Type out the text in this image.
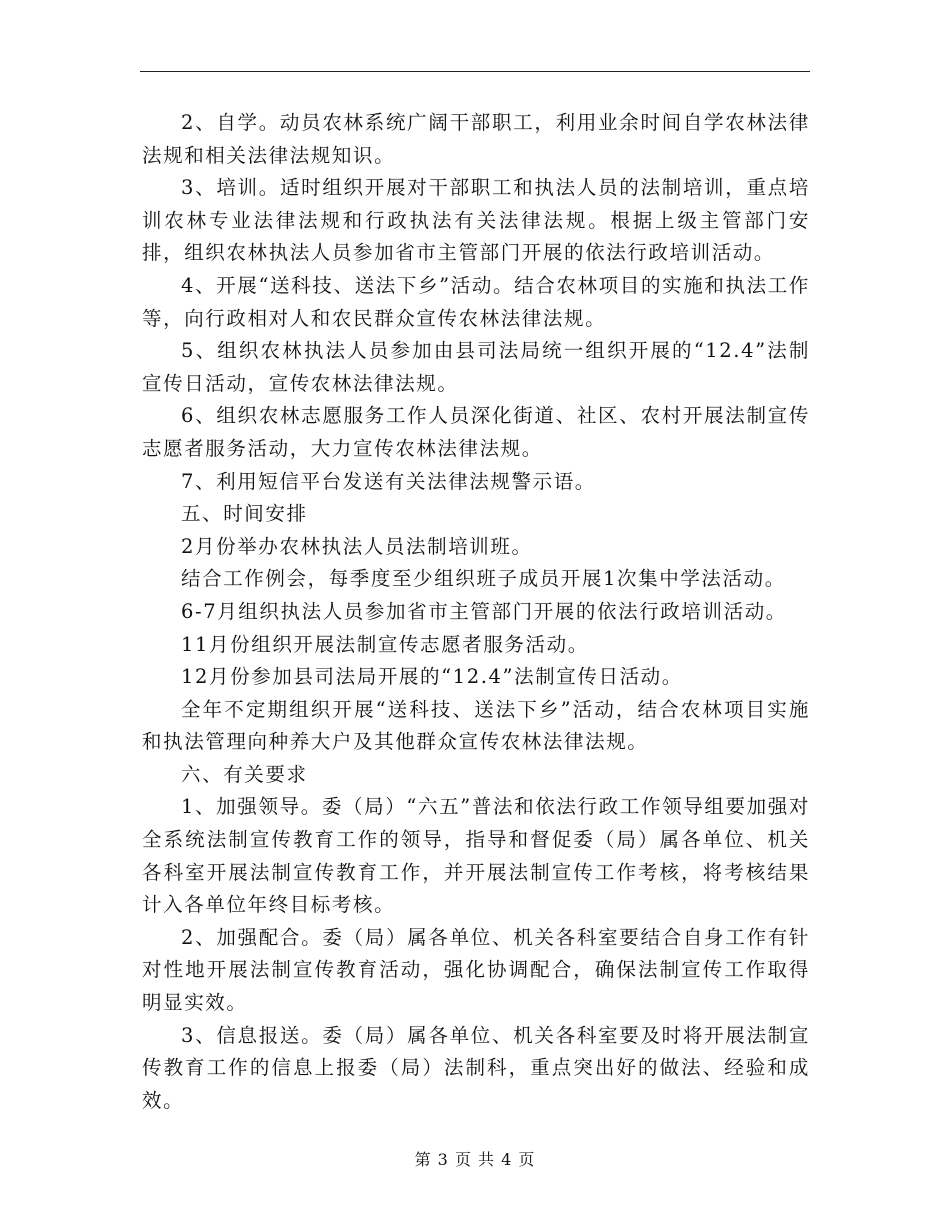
2、自学。动员农林系统广阔干部职工，利用业余时间自学农林法律法规和相关法律法规知识。

3、培训。适时组织开展对干部职工和执法人员的法制培训，重点培训农林专业法律法规和行政执法有关法律法规。根据上级主管部门安排，组织农林执法人员参加省市主管部门开展的依法行政培训活动。

4、开展“送科技、送法下乡”活动。结合农林项目的实施和执法工作等，向行政相对人和农民群众宣传农林法律法规。

5、组织农林执法人员参加由县司法局统一组织开展的“12.4”法制宣传日活动，宣传农林法律法规。

6、组织农林志愿服务工作人员深化街道、社区、农村开展法制宣传志愿者服务活动，大力宣传农林法律法规。

7、利用短信平台发送有关法律法规警示语。

五、时间安排

2月份举办农林执法人员法制培训班。

结合工作例会，每季度至少组织班子成员开展1次集中学法活动。

6-7月组织执法人员参加省市主管部门开展的依法行政培训活动。

11月份组织开展法制宣传志愿者服务活动。

12月份参加县司法局开展的“12.4”法制宣传日活动。

全年不定期组织开展“送科技、送法下乡”活动，结合农林项目实施和执法管理向种养大户及其他群众宣传农林法律法规。

六、有关要求

1、加强领导。委（局）“六五”普法和依法行政工作领导组要加强对全系统法制宣传教育工作的领导，指导和督促委（局）属各单位、机关各科室开展法制宣传教育工作，并开展法制宣传工作考核，将考核结果计入各单位年终目标考核。

2、加强配合。委（局）属各单位、机关各科室要结合自身工作有针对性地开展法制宣传教育活动，强化协调配合，确保法制宣传工作取得明显实效。

3、信息报送。委（局）属各单位、机关各科室要及时将开展法制宣传教育工作的信息上报委（局）法制科，重点突出好的做法、经验和成效。

第 3 页 共 4 页
